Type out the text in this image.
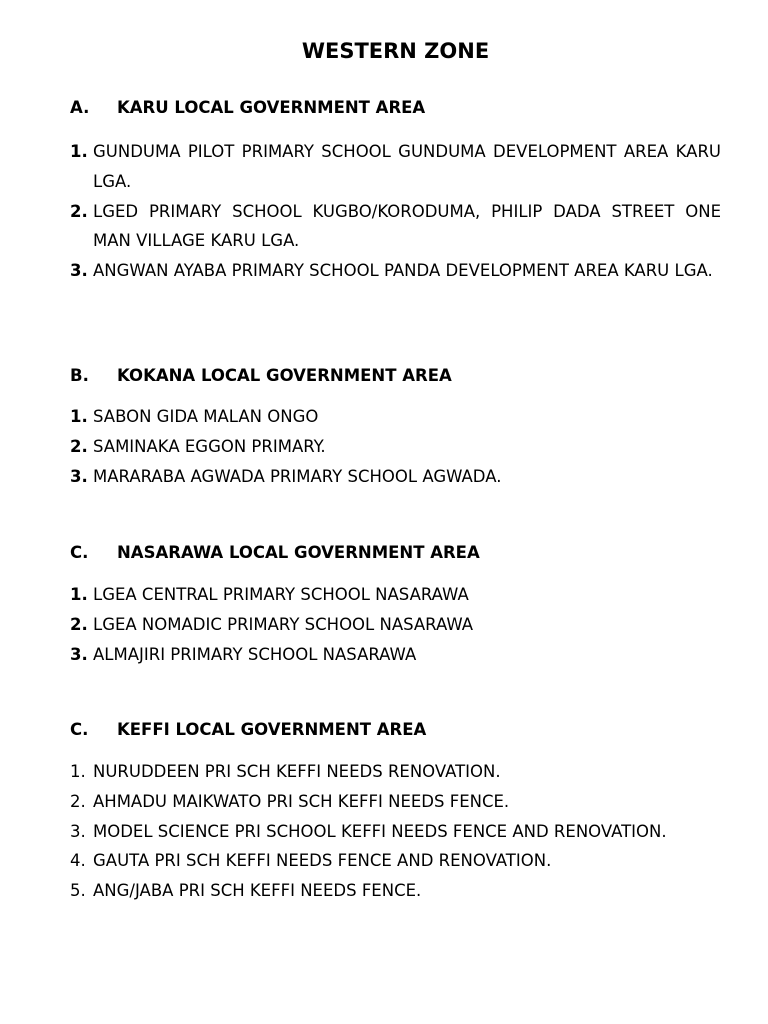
WESTERN ZONE
A.	KARU LOCAL GOVERNMENT AREA
1. GUNDUMA PILOT PRIMARY SCHOOL GUNDUMA DEVELOPMENT AREA KARU LGA.
2. LGED PRIMARY SCHOOL KUGBO/KORODUMA, PHILIP DADA STREET ONE MAN VILLAGE KARU LGA.
3. ANGWAN AYABA PRIMARY SCHOOL PANDA DEVELOPMENT AREA KARU LGA.
B.	KOKANA LOCAL GOVERNMENT AREA
1. SABON GIDA MALAN ONGO
2. SAMINAKA EGGON PRIMARY.
3. MARARABA AGWADA PRIMARY SCHOOL AGWADA.
C.	NASARAWA LOCAL GOVERNMENT AREA
1. LGEA CENTRAL PRIMARY SCHOOL NASARAWA
2. LGEA NOMADIC PRIMARY SCHOOL NASARAWA
3. ALMAJIRI PRIMARY SCHOOL NASARAWA
C.	KEFFI LOCAL GOVERNMENT AREA
1. NURUDDEEN PRI SCH KEFFI NEEDS RENOVATION.
2. AHMADU MAIKWATO PRI SCH KEFFI NEEDS FENCE.
3. MODEL SCIENCE PRI SCHOOL KEFFI NEEDS FENCE AND RENOVATION.
4. GAUTA PRI SCH KEFFI NEEDS FENCE AND RENOVATION.
5. ANG/JABA PRI SCH KEFFI NEEDS FENCE.
